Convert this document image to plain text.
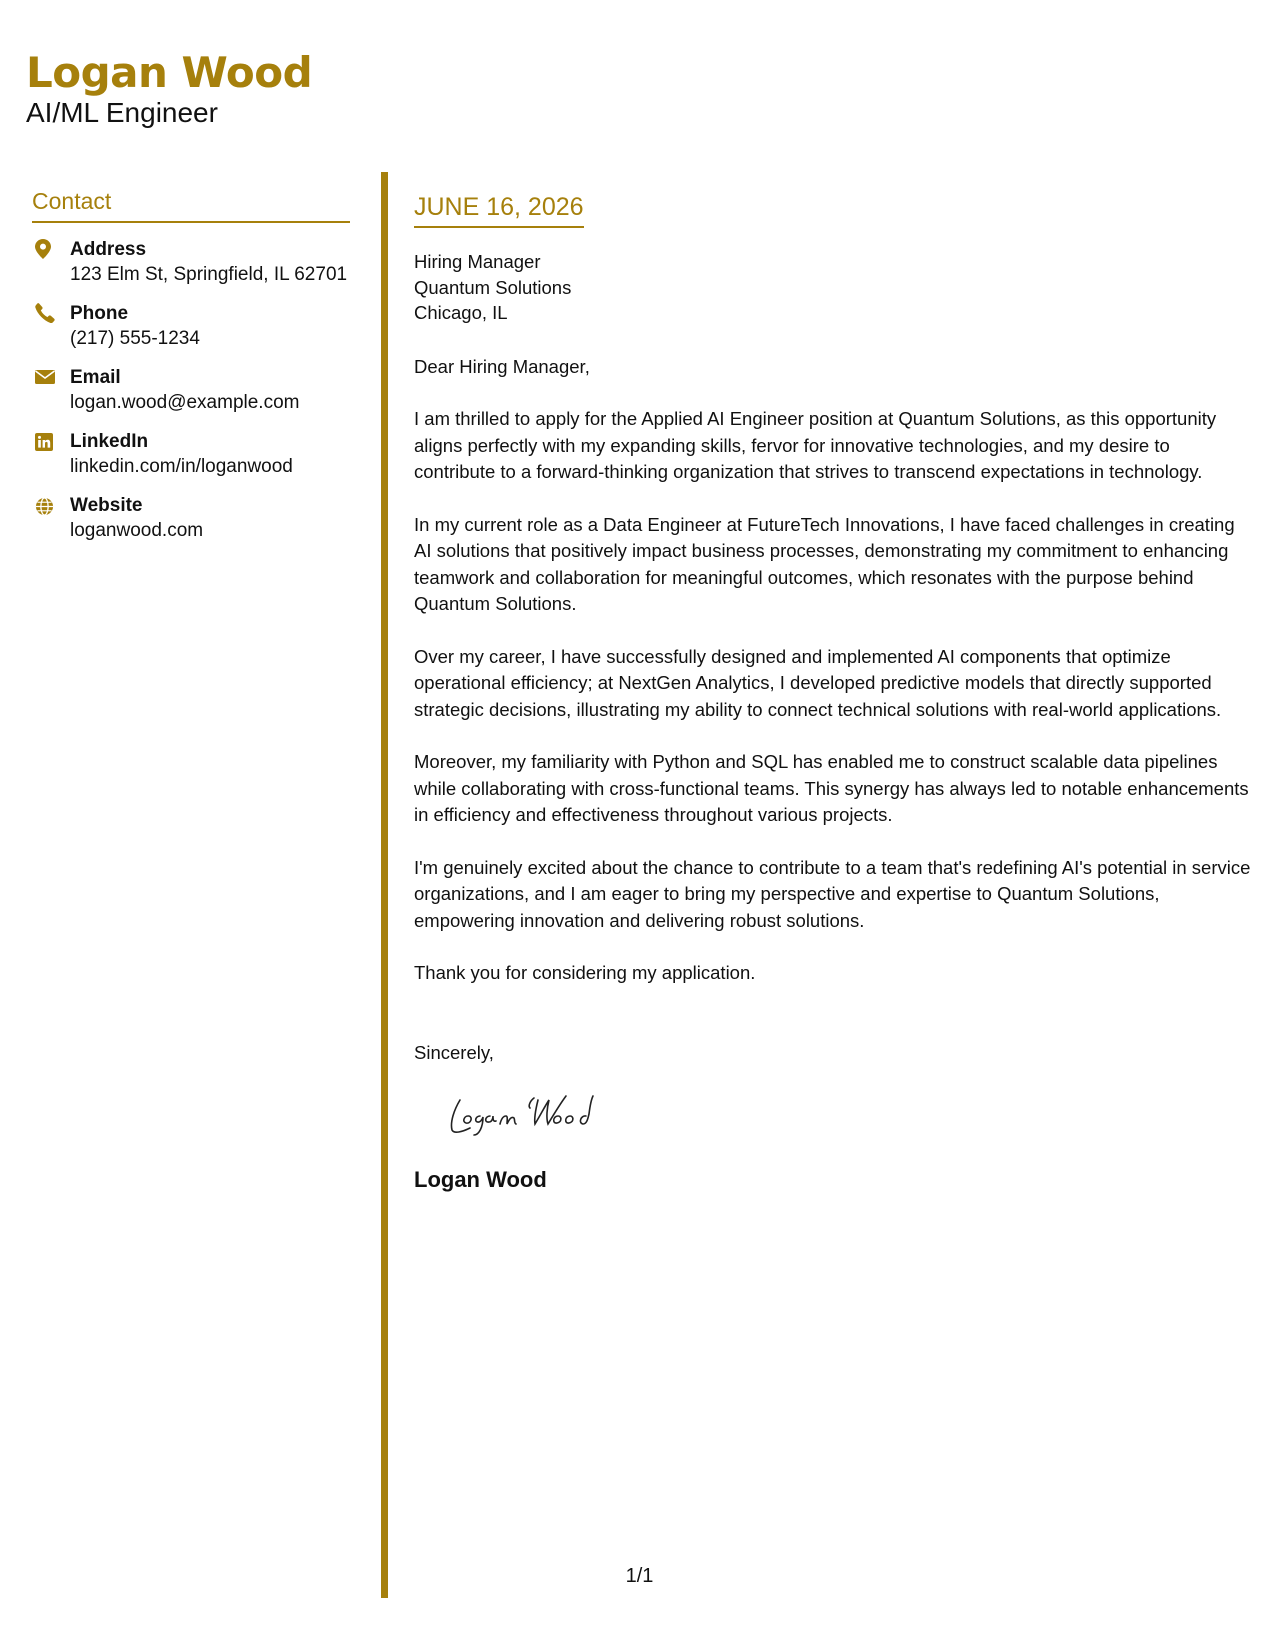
Logan Wood
AI/ML Engineer
Contact
Address
123 Elm St, Springfield, IL 62701
Phone
(217) 555-1234
Email
logan.wood@example.com
LinkedIn
linkedin.com/in/loganwood
Website
loganwood.com
JUNE 16, 2026
Hiring Manager
Quantum Solutions
Chicago, IL
Dear Hiring Manager,
I am thrilled to apply for the Applied AI Engineer position at Quantum Solutions, as this opportunity aligns perfectly with my expanding skills, fervor for innovative technologies, and my desire to contribute to a forward-thinking organization that strives to transcend expectations in technology.
In my current role as a Data Engineer at FutureTech Innovations, I have faced challenges in creating AI solutions that positively impact business processes, demonstrating my commitment to enhancing teamwork and collaboration for meaningful outcomes, which resonates with the purpose behind Quantum Solutions.
Over my career, I have successfully designed and implemented AI components that optimize operational efficiency; at NextGen Analytics, I developed predictive models that directly supported strategic decisions, illustrating my ability to connect technical solutions with real-world applications.
Moreover, my familiarity with Python and SQL has enabled me to construct scalable data pipelines while collaborating with cross-functional teams. This synergy has always led to notable enhancements in efficiency and effectiveness throughout various projects.
I'm genuinely excited about the chance to contribute to a team that's redefining AI's potential in service organizations, and I am eager to bring my perspective and expertise to Quantum Solutions, empowering innovation and delivering robust solutions.
Thank you for considering my application.
Sincerely,
Logan Wood
1/1
